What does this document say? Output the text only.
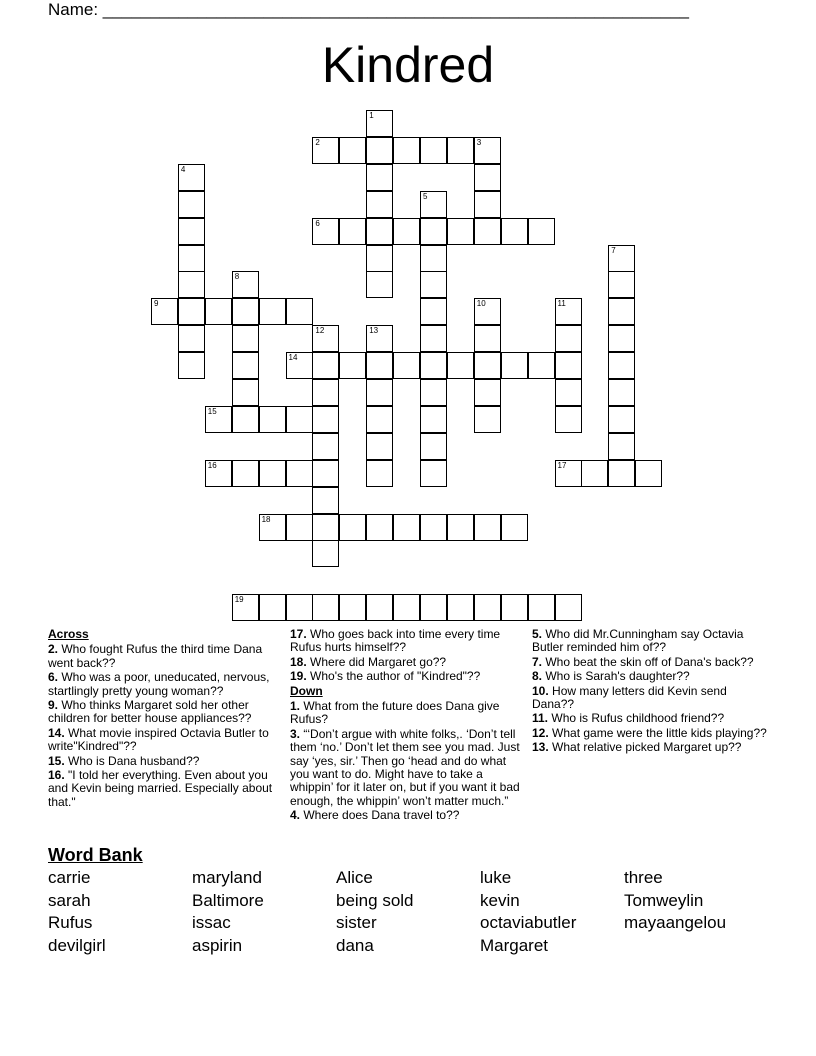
Name: ______________________________________________________________
Kindred
2
6
9
14
15
16	17
18
19
1
3
4
5
7
8
10	11
12	13
Across
2. Who fought Rufus the third time Dana went back??
6. Who was a poor, uneducated, nervous, startlingly pretty young woman??
9. Who thinks Margaret sold her other children for better house appliances??
14. What movie inspired Octavia Butler to write"Kindred"??
15. Who is Dana husband??
16. "I told her everything. Even about you and Kevin being married. Especially about that."
17. Who goes back into time every time Rufus hurts himself??
18. Where did Margaret go??
19. Who's the author of "Kindred"??
Down
1. What from the future does Dana give Rufus?
3. “‘Don’t argue with white folks,. ‘Don’t tell them ‘no.’ Don’t let them see you mad. Just say ‘yes, sir.’ Then go ‘head and do what you want to do. Might have to take a whippin’ for it later on, but if you want it bad enough, the whippin’ won’t matter much.”
4. Where does Dana travel to??
5. Who did Mr.Cunningham say Octavia Butler reminded him of??
7. Who beat the skin off of Dana's back??
8. Who is Sarah's daughter??
10. How many letters did Kevin send Dana??
11. Who is Rufus childhood friend??
12. What game were the little kids playing??
13. What relative picked Margaret up??
Word Bank
carrie	maryland	Alice	luke	three
sarah	Baltimore	being sold	kevin	Tomweylin
Rufus	issac	sister	octaviabutler	mayaangelou
devilgirl	aspirin	dana	Margaret
